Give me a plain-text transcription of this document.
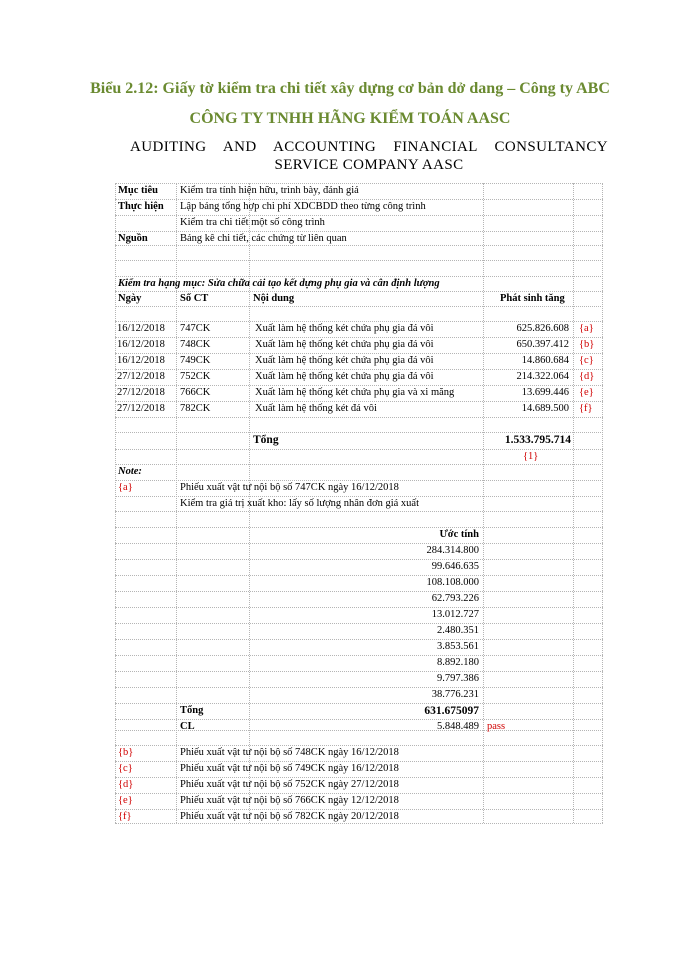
Biểu 2.12: Giấy tờ kiểm tra chi tiết xây dựng cơ bản dở dang – Công ty ABC
CÔNG TY TNHH HÃNG KIỂM TOÁN AASC
AUDITING AND ACCOUNTING FINANCIAL CONSULTANCY SERVICE COMPANY AASC
Mục tiêu Kiểm tra tính hiện hữu, trình bày, đánh giá
Thực hiện Lập bảng tổng hợp chi phí XDCBDD theo từng công trình
Kiểm tra chi tiết một số công trình
Nguồn	Bảng kê chi tiết, các chứng từ liên quan
Kiểm tra hạng mục: Sửa chữa cải tạo kết dựng phụ gia và cân định lượng
Ngày	Số CT	Nội dung	Phát sinh tăng
16/12/2018 747CK	Xuất làm hệ thống két chứa phụ gia đá vôi	625.826.608 {a}
16/12/2018 748CK	Xuất làm hệ thống két chứa phụ gia đá vôi	650.397.412 {b}
16/12/2018 749CK	Xuất làm hệ thống két chứa phụ gia đá vôi	14.860.684 {c}
27/12/2018 752CK	Xuất làm hệ thống két chứa phụ gia đá vôi	214.322.064 {d}
27/12/2018 766CK	Xuất làm hệ thống két chứa phụ gia và xi măng	13.699.446 {e}
27/12/2018 782CK	Xuất làm hệ thống két đá vôi	14.689.500 {f}
Tổng	1.533.795.714
{1}
Note:
{a}	Phiếu xuất vật tư nội bộ số 747CK ngày 16/12/2018
Kiểm tra giá trị xuất kho: lấy số lượng nhân đơn giá xuất
Ước tính
284.314.800
99.646.635
108.108.000
62.793.226
13.012.727
2.480.351
3.853.561
8.892.180
9.797.386
38.776.231
Tổng	631.675097
CL	5.848.489 pass
{b}	Phiếu xuất vật tư nội bộ số 748CK ngày 16/12/2018
{c}	Phiếu xuất vật tư nội bộ số 749CK ngày 16/12/2018
{d}	Phiếu xuất vật tư nội bộ số 752CK ngày 27/12/2018
{e}	Phiếu xuất vật tư nội bộ số 766CK ngày 12/12/2018
{f}	Phiếu xuất vật tư nội bộ số 782CK ngày 20/12/2018
